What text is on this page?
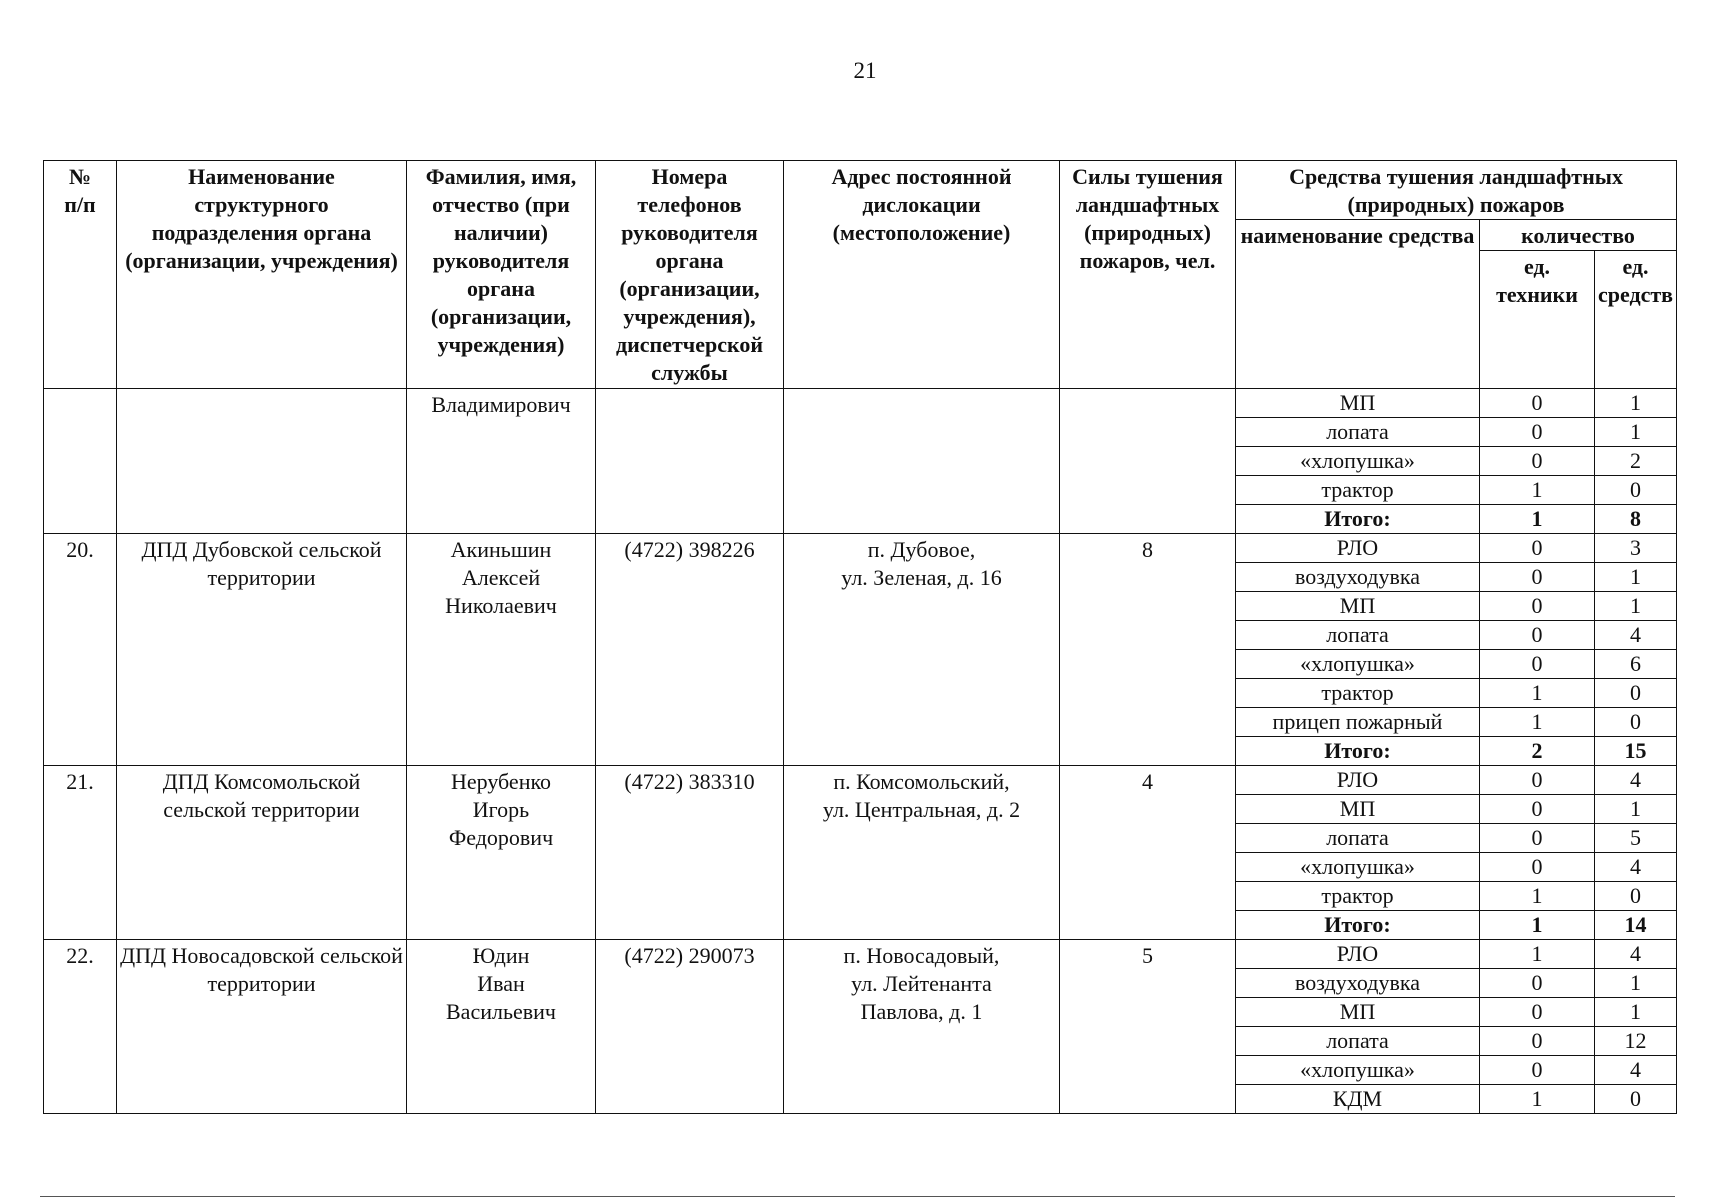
21
№
п/п	Наименование структурного подразделения органа (организации, учреждения)	Фамилия, имя, отчество (при наличии) руководителя органа (организации, учреждения)	Номера телефонов руководителя органа (организации, учреждения), диспетчерской службы	Адрес постоянной дислокации (местоположение)	Силы тушения ландшафтных (природных) пожаров, чел.	Средства тушения ландшафтных (природных) пожаров		
						наименование средства	количество	
							ед. техники	ед. средств
		Владимирович				МП	0	1
						лопата	0	1
						«хлопушка»	0	2
						трактор	1	0
						Итого:	1	8
20.	ДПД Дубовской сельской территории	Акиньшин
Алексей
Николаевич	(4722) 398226	п. Дубовое,
ул. Зеленая, д. 16	8	РЛО	0	3
						воздуходувка	0	1
						МП	0	1
						лопата	0	4
						«хлопушка»	0	6
						трактор	1	0
						прицеп пожарный	1	0
						Итого:	2	15
21.	ДПД Комсомольской сельской территории	Нерубенко
Игорь
Федорович	(4722) 383310	п. Комсомольский,
ул. Центральная, д. 2	4	РЛО	0	4
						МП	0	1
						лопата	0	5
						«хлопушка»	0	4
						трактор	1	0
						Итого:	1	14
22.	ДПД Новосадовской сельской территории	Юдин
Иван
Васильевич	(4722) 290073	п. Новосадовый,
ул. Лейтенанта
Павлова, д. 1	5	РЛО	1	4
						воздуходувка	0	1
						МП	0	1
						лопата	0	12
						«хлопушка»	0	4
						КДМ	1	0
